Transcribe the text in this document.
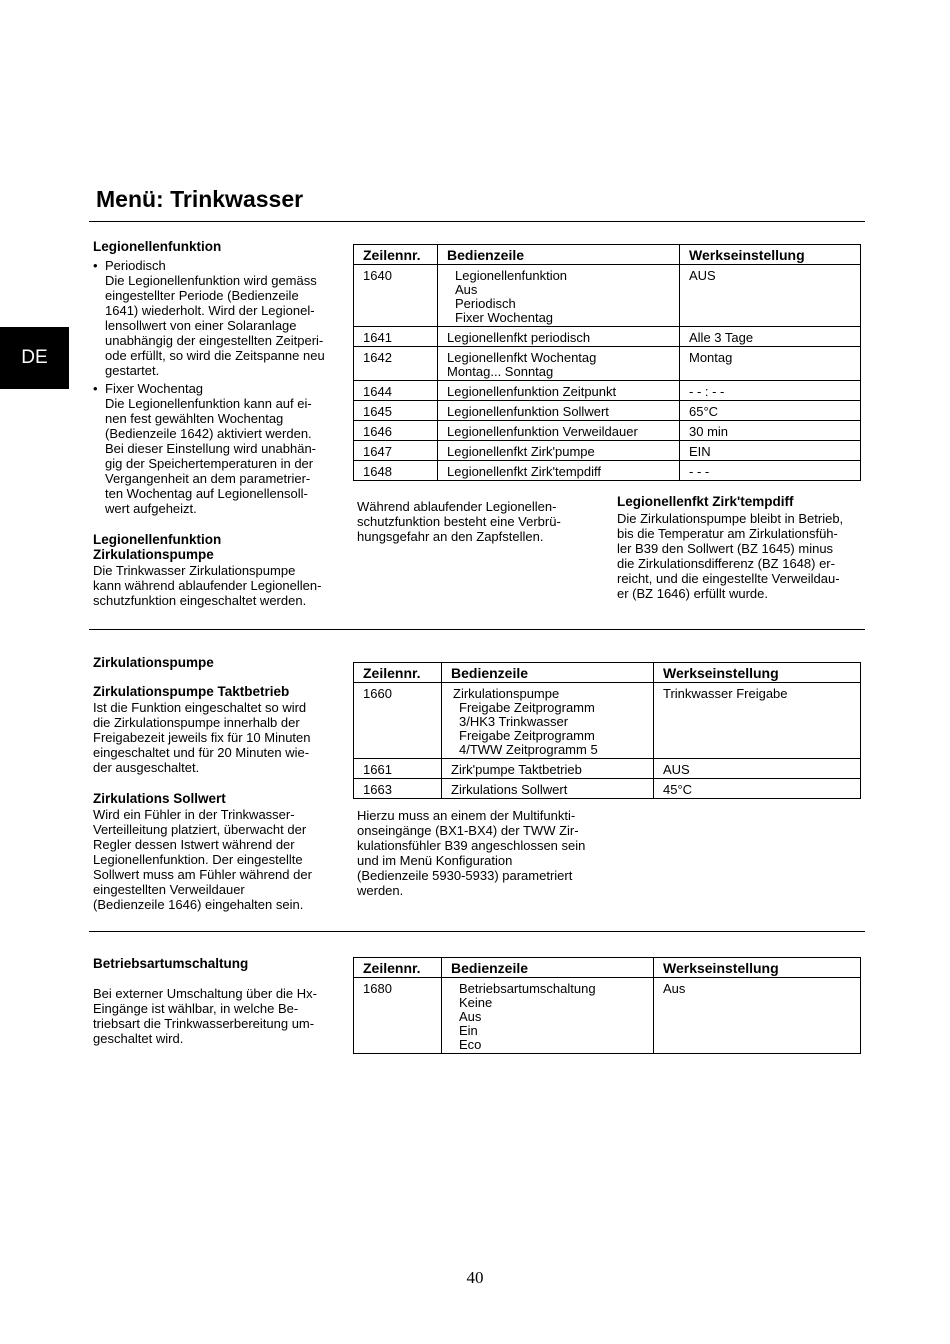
Menü: Trinkwasser
DE
Legionellenfunktion
• Periodisch
Die Legionellenfunktion wird gemäss
eingestellter Periode (Bedienzeile
1641) wiederholt. Wird der Legionel-
lensollwert von einer Solaranlage
unabhängig der eingestellten Zeitperi-
ode erfüllt, so wird die Zeitspanne neu
gestartet.
• Fixer Wochentag
Die Legionellenfunktion kann auf ei-
nen fest gewählten Wochentag
(Bedienzeile 1642) aktiviert werden.
Bei dieser Einstellung wird unabhän-
gig der Speichertemperaturen in der
Vergangenheit an dem parametrier-
ten Wochentag auf Legionellensoll-
wert aufgeheizt.
Legionellenfunktion
Zirkulationspumpe
Die Trinkwasser Zirkulationspumpe
kann während ablaufender Legionellen-
schutzfunktion eingeschaltet werden.
Zeilennr.	Bedienzeile	Werkseinstellung
1640	Legionellenfunktion
Aus
Periodisch
Fixer Wochentag	AUS
1641	Legionellenfkt periodisch	Alle 3 Tage
1642	Legionellenfkt Wochentag
Montag... Sonntag	Montag
1644	Legionellenfunktion Zeitpunkt	- - : - -
1645	Legionellenfunktion Sollwert	65°C
1646	Legionellenfunktion Verweildauer	30 min
1647	Legionellenfkt Zirk'pumpe	EIN
1648	Legionellenfkt Zirk'tempdiff	- - -
Während ablaufender Legionellen-
schutzfunktion besteht eine Verbrü-
hungsgefahr an den Zapfstellen.
Legionellenfkt Zirk'tempdiff
Die Zirkulationspumpe bleibt in Betrieb,
bis die Temperatur am Zirkulationsfüh-
ler B39 den Sollwert (BZ 1645) minus
die Zirkulationsdifferenz (BZ 1648) er-
reicht, und die eingestellte Verweildau-
er (BZ 1646) erfüllt wurde.
Zirkulationspumpe
Zirkulationspumpe Taktbetrieb
Ist die Funktion eingeschaltet so wird
die Zirkulationspumpe innerhalb der
Freigabezeit jeweils fix für 10 Minuten
eingeschaltet und für 20 Minuten wie-
der ausgeschaltet.
Zirkulations Sollwert
Wird ein Fühler in der Trinkwasser-
Verteilleitung platziert, überwacht der
Regler dessen Istwert während der
Legionellenfunktion. Der eingestellte
Sollwert muss am Fühler während der
eingestellten Verweildauer
(Bedienzeile 1646) eingehalten sein.
Zeilennr.	Bedienzeile	Werkseinstellung
1660	Zirkulationspumpe
Freigabe Zeitprogramm
3/HK3 Trinkwasser
Freigabe Zeitprogramm
4/TWW Zeitprogramm 5	Trinkwasser Freigabe
1661	Zirk'pumpe Taktbetrieb	AUS
1663	Zirkulations Sollwert	45°C
Hierzu muss an einem der Multifunkti-
onseingänge (BX1-BX4) der TWW Zir-
kulationsfühler B39 angeschlossen sein
und im Menü Konfiguration
(Bedienzeile 5930-5933) parametriert
werden.
Betriebsartumschaltung
Bei externer Umschaltung über die Hx-
Eingänge ist wählbar, in welche Be-
triebsart die Trinkwasserbereitung um-
geschaltet wird.
Zeilennr.	Bedienzeile	Werkseinstellung
1680	Betriebsartumschaltung
Keine
Aus
Ein
Eco	Aus
40
